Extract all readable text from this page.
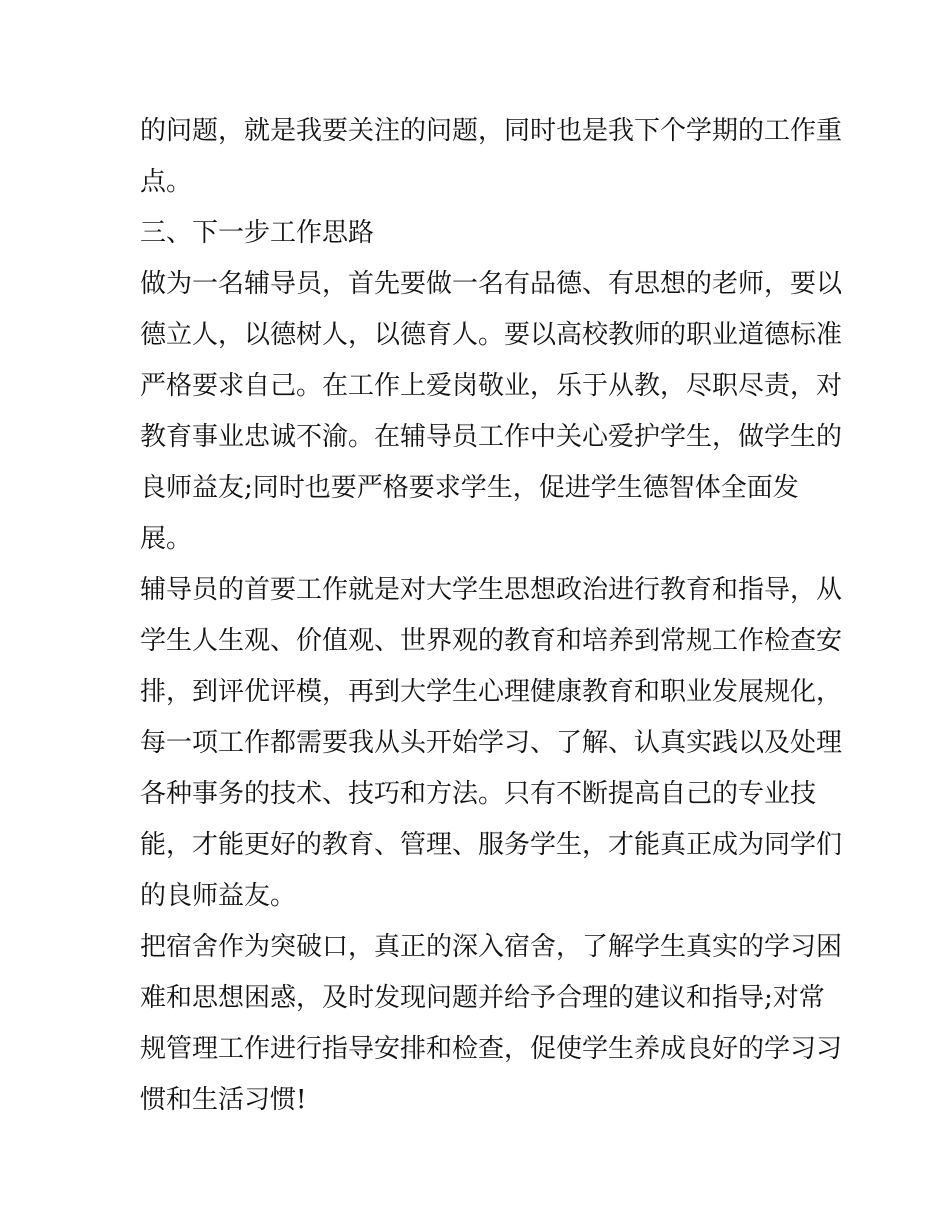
的问题，就是我要关注的问题，同时也是我下个学期的工作重
点。
三、下一步工作思路
做为一名辅导员，首先要做一名有品德、有思想的老师，要以
德立人，以德树人，以德育人。要以高校教师的职业道德标准
严格要求自己。在工作上爱岗敬业，乐于从教，尽职尽责，对
教育事业忠诚不渝。在辅导员工作中关心爱护学生，做学生的
良师益友;同时也要严格要求学生，促进学生德智体全面发
展。
辅导员的首要工作就是对大学生思想政治进行教育和指导，从
学生人生观、价值观、世界观的教育和培养到常规工作检查安
排，到评优评模，再到大学生心理健康教育和职业发展规化，
每一项工作都需要我从头开始学习、了解、认真实践以及处理
各种事务的技术、技巧和方法。只有不断提高自己的专业技
能，才能更好的教育、管理、服务学生，才能真正成为同学们
的良师益友。
把宿舍作为突破口，真正的深入宿舍，了解学生真实的学习困
难和思想困惑，及时发现问题并给予合理的建议和指导;对常
规管理工作进行指导安排和检查，促使学生养成良好的学习习
惯和生活习惯!
